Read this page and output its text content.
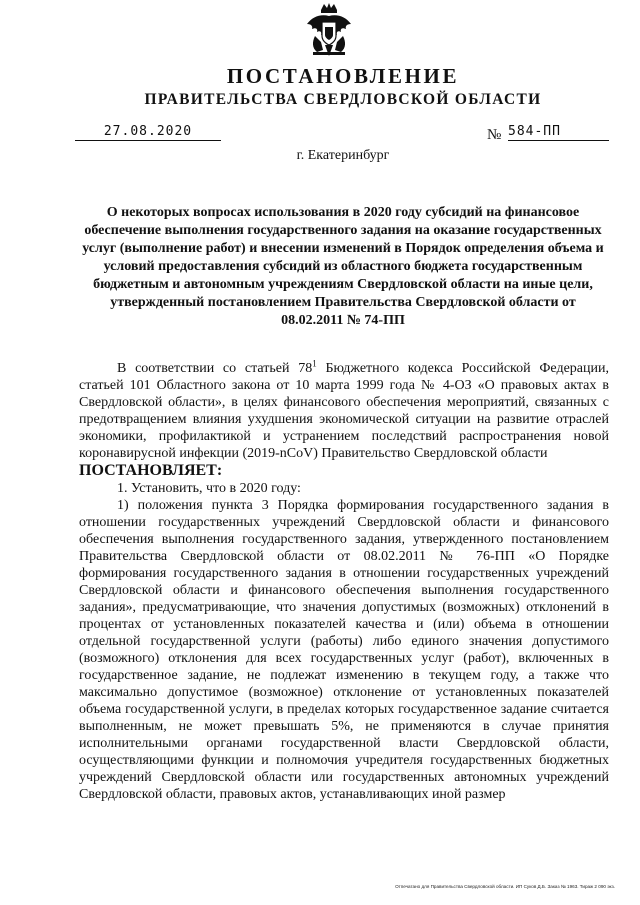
ПОСТАНОВЛЕНИЕ
ПРАВИТЕЛЬСТВА СВЕРДЛОВСКОЙ ОБЛАСТИ
27.08.2020	№ 584-ПП
г. Екатеринбург
О некоторых вопросах использования в 2020 году субсидий на финансовое обеспечение выполнения государственного задания на оказание государственных услуг (выполнение работ) и внесении изменений в Порядок определения объема и условий предоставления субсидий из областного бюджета государственным бюджетным и автономным учреждениям Свердловской области на иные цели, утвержденный постановлением Правительства Свердловской области от 08.02.2011 № 74-ПП

В соответствии со статьей $78^1$ Бюджетного кодекса Российской Федерации, статьей 101 Областного закона от 10 марта 1999 года № 4-ОЗ «О правовых актах в Свердловской области», в целях финансового обеспечения мероприятий, связанных с предотвращением влияния ухудшения экономической ситуации на развитие отраслей экономики, профилактикой и устранением последствий распространения новой коронавирусной инфекции (2019-nCoV) Правительство Свердловской области

ПОСТАНОВЛЯЕТ:

1. Установить, что в 2020 году:

1) положения пункта 3 Порядка формирования государственного задания в отношении государственных учреждений Свердловской области и финансового обеспечения выполнения государственного задания, утвержденного постановлением Правительства Свердловской области от 08.02.2011 № 76-ПП «О Порядке формирования государственного задания в отношении государственных учреждений Свердловской области и финансового обеспечения выполнения государственного задания», предусматривающие, что значения допустимых (возможных) отклонений в процентах от установленных показателей качества и (или) объема в отношении отдельной государственной услуги (работы) либо единого значения допустимого (возможного) отклонения для всех государственных услуг (работ), включенных в государственное задание, не подлежат изменению в текущем году, а также что максимально допустимое (возможное) отклонение от установленных показателей объема государственной услуги, в пределах которых государственное задание считается выполненным, не может превышать 5%, не применяются в случае принятия исполнительными органами государственной власти Свердловской области, осуществляющими функции и полномочия учредителя государственных бюджетных учреждений Свердловской области или государственных автономных учреждений Свердловской области, правовых актов, устанавливающих иной размер

Отпечатано для Правительства Свердловской области. ИП Суков Д.Б. Заказ № 1963. Тираж 2 090 экз.
